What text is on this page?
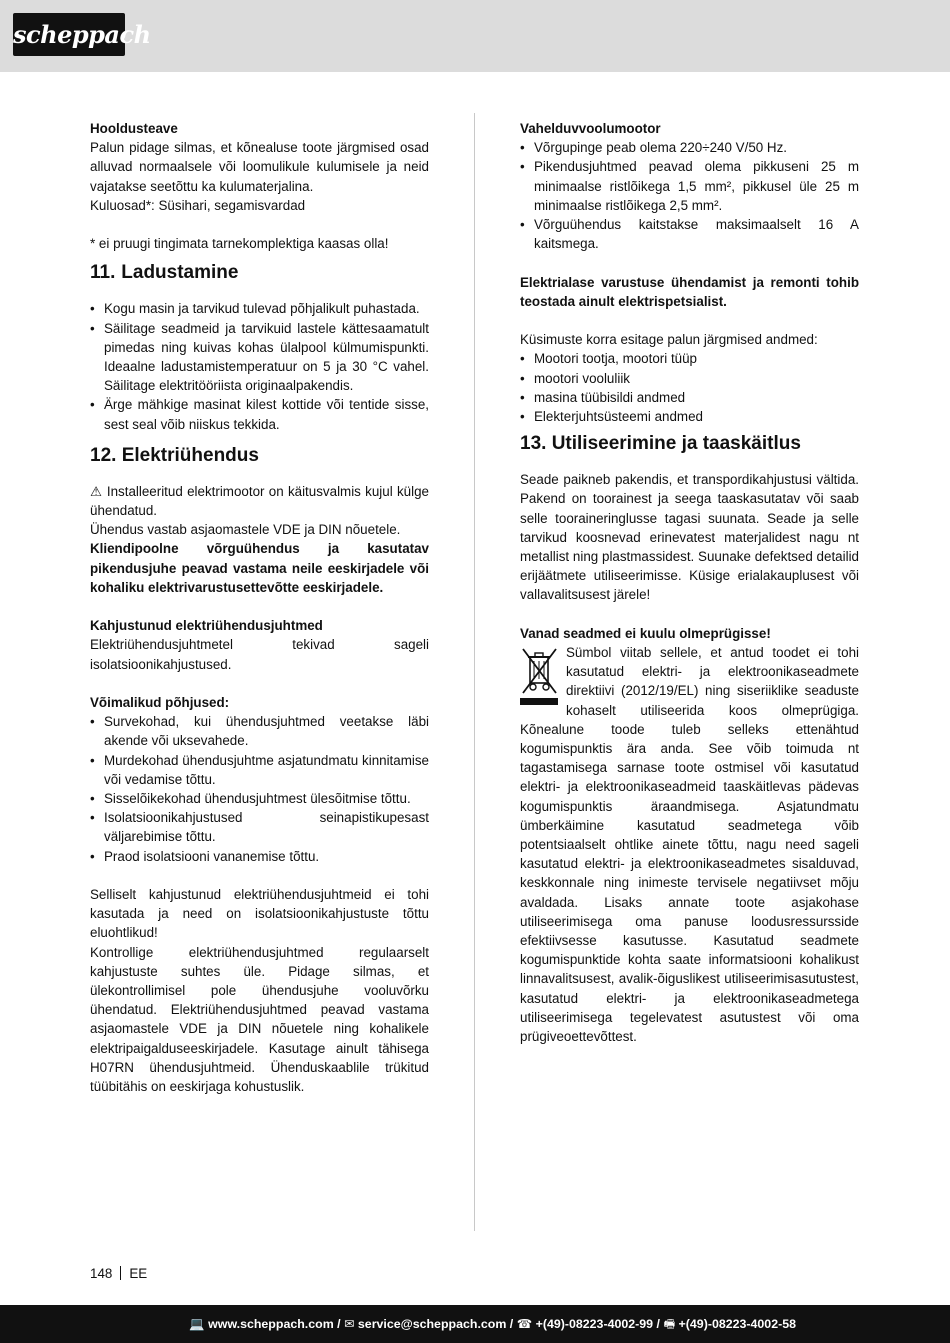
scheppach

Hooldusteave

Palun pidage silmas, et kõnealuse toote järgmised osad alluvad normaalsele või loomulikule kulumisele ja neid vajatakse seetõttu ka kulumaterjalina.

Kuluosad*: Süsihari, segamisvardad

* ei pruugi tingimata tarnekomplektiga kaasas olla!

11. Ladustamine
• Kogu masin ja tarvikud tulevad põhjalikult puhastada.
• Säilitage seadmeid ja tarvikuid lastele kättesaamatult pimedas ning kuivas kohas ülalpool külmumispunkti. Ideaalne ladustamistemperatuur on 5 ja 30 °C vahel. Säilitage elektritööriista originaalpakendis.
• Ärge mähkige masinat kilest kottide või tentide sisse, sest seal võib niiskus tekkida.
12. Elektriühendus

⚠ Installeeritud elektrimootor on käitusvalmis kujul külge ühendatud.

Ühendus vastab asjaomastele VDE ja DIN nõuetele.

Kliendipoolne võrguühendus ja kasutatav pikendusjuhe peavad vastama neile eeskirjadele või kohaliku elektrivarustusettevõtte eeskirjadele.

Kahjustunud elektriühendusjuhtmed

Elektriühendusjuhtmetel tekivad sageli isolatsioonikahjustused.

Võimalikud põhjused:

• Survekohad, kui ühendusjuhtmed veetakse läbi akende või uksevahede.
• Murdekohad ühendusjuhtme asjatundmatu kinnitamise või vedamise tõttu.
• Sisselõikekohad ühendusjuhtmest ülesõitmise tõttu.
• Isolatsioonikahjustused seinapistikupesast väljarebimise tõttu.
• Praod isolatsiooni vananemise tõttu.

Selliselt kahjustunud elektriühendusjuhtmeid ei tohi kasutada ja need on isolatsioonikahjustuste tõttu eluohtlikud!

Kontrollige elektriühendusjuhtmed regulaarselt kahjustuste suhtes üle. Pidage silmas, et ülekontrollimisel pole ühendusjuhe vooluvõrku ühendatud. Elektriühendusjuhtmed peavad vastama asjaomastele VDE ja DIN nõuetele ning kohalikele elektripaigalduseeskirjadele. Kasutage ainult tähisega H07RN ühendusjuhtmeid. Ühenduskaablile trükitud tüübitähis on eeskirjaga kohustuslik.

Vahelduvvoolumootor

• Võrgupinge peab olema 220÷240 V/50 Hz.
• Pikendusjuhtmed peavad olema pikkuseni 25 m minimaalse ristlõikega 1,5 mm², pikkusel üle 25 m minimaalse ristlõikega 2,5 mm².
• Võrguühendus kaitstakse maksimaalselt 16 A kaitsmega.

Elektrialase varustuse ühendamist ja remonti tohib teostada ainult elektrispetsialist.

Küsimuste korra esitage palun järgmised andmed:

• Mootori tootja, mootori tüüp
• mootori vooluliik
• masina tüübisildi andmed
• Elekterjuhtsüsteemi andmed
13. Utiliseerimine ja taaskäitlus

Seade paikneb pakendis, et transpordikahjustusi vältida. Pakend on toorainest ja seega taaskasutatav või saab selle tooraineringlusse tagasi suunata. Seade ja selle tarvikud koosnevad erinevatest materjalidest nagu nt metallist ning plastmassidest. Suunake defektsed detailid erijäätmete utiliseerimisse. Küsige erialakauplusest või vallavalitsusest järele!

Vanad seadmed ei kuulu olmeprügisse!

Sümbol viitab sellele, et antud toodet ei tohi kasutatud elektri- ja elektroonikaseadmete direktiivi (2012/19/EL) ning siseriiklike seaduste kohaselt utiliseerida koos olmeprügiga. Kõnealune toode tuleb selleks ettenähtud kogumispunktis ära anda. See võib toimuda nt tagastamisega sarnase toote ostmisel või kasutatud elektri- ja elektroonikaseadmeid taaskäitlevas pädevas kogumispunktis äraandmisega. Asjatundmatu ümberkäimine kasutatud seadmetega võib potentsiaalselt ohtlike ainete tõttu, nagu need sageli kasutatud elektri- ja elektroonikaseadmetes sisalduvad, keskkonnale ning inimeste tervisele negatiivset mõju avaldada. Lisaks annate toote asjakohase utiliseerimisega oma panuse loodusressursside efektiivsesse kasutusse. Kasutatud seadmete kogumispunktide kohta saate informatsiooni kohalikust linnavalitsusest, avalik-õiguslikest utiliseerimisasutustest, kasutatud elektri- ja elektroonikaseadmetega utiliseerimisega tegelevatest asutustest või oma prügiveoettevõttest.

148 EE
💻 www.scheppach.com / ✉ service@scheppach.com / ☎ +(49)-08223-4002-99 / 🖷 +(49)-08223-4002-58
